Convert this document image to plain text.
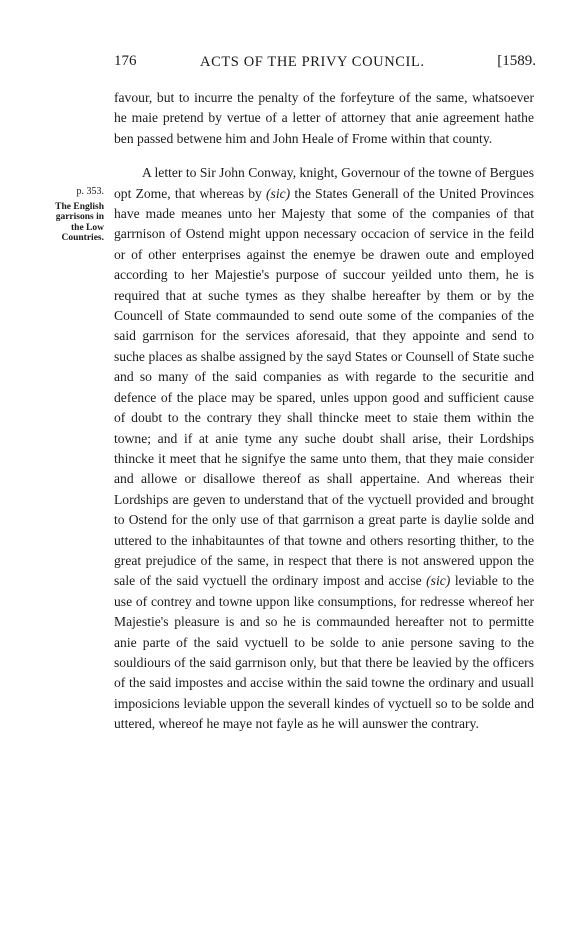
176	ACTS OF THE PRIVY COUNCIL.	[1589.
p. 353.
The English garrisons in the Low Countries.

favour, but to incurre the penalty of the forfeyture of the same, whatsoever he maie pretend by vertue of a letter of attorney that anie agreement hathe ben passed betwene him and John Heale of Frome within that county.

A letter to Sir John Conway, knight, Governour of the towne of Bergues opt Zome, that whereas by (sic) the States Generall of the United Provinces have made meanes unto her Majesty that some of the companies of that garrnison of Ostend might uppon necessary occacion of service in the feild or of other enterprises against the enemye be drawen oute and employed according to her Majestie's purpose of succour yeilded unto them, he is required that at suche tymes as they shalbe hereafter by them or by the Councell of State commaunded to send oute some of the companies of the said garrnison for the services aforesaid, that they appointe and send to suche places as shalbe assigned by the sayd States or Counsell of State suche and so many of the said companies as with regarde to the securitie and defence of the place may be spared, unles uppon good and sufficient cause of doubt to the contrary they shall thincke meet to staie them within the towne; and if at anie tyme any suche doubt shall arise, their Lordships thincke it meet that he signifye the same unto them, that they maie consider and allowe or disallowe thereof as shall appertaine. And whereas their Lordships are geven to understand that of the vyctuell provided and brought to Ostend for the only use of that garrnison a great parte is daylie solde and uttered to the inhabitauntes of that towne and others resorting thither, to the great prejudice of the same, in respect that there is not answered uppon the sale of the said vyctuell the ordinary impost and accise (sic) leviable to the use of contrey and towne uppon like consumptions, for redresse whereof her Majestie's pleasure is and so he is commaunded hereafter not to permitte anie parte of the said vyctuell to be solde to anie persone saving to the souldiours of the said garrnison only, but that there be leavied by the officers of the said impostes and accise within the said towne the ordinary and usuall imposicions leviable uppon the severall kindes of vyctuell so to be solde and uttered, whereof he maye not fayle as he will aunswer the contrary.
